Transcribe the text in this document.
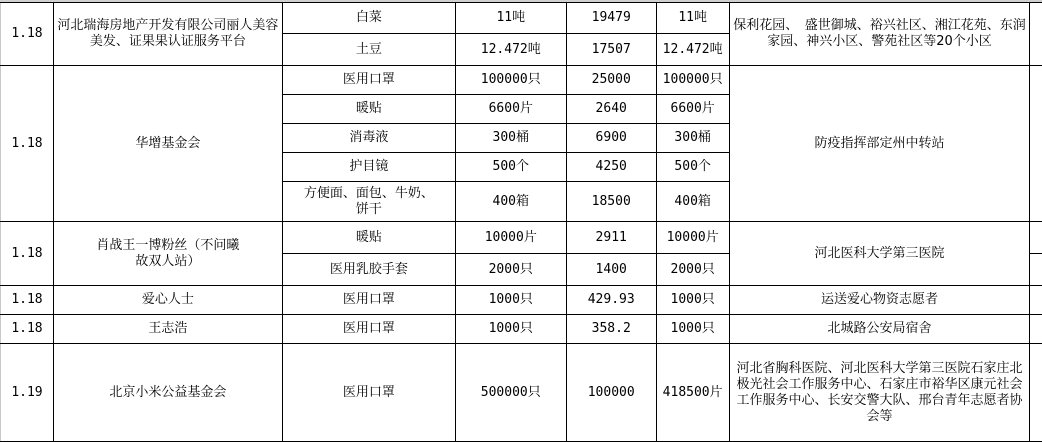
1.18	河北瑞海房地产开发有限公司丽人美容美发、证果果认证服务平台	白菜	11吨	19479	11吨	保利花园、　盛世御城、裕兴社区、湘江花苑、东润家园、神兴小区、警苑社区等20个小区	
		土豆	12.472吨	17507	12.472吨		
1.18	华增基金会	医用口罩	100000只	25000	100000只	防疫指挥部定州中转站	
		暖贴	6600片	2640	6600片		
		消毒液	300桶	6900	300桶		
		护目镜	500个	4250	500个		
		方便面、面包、牛奶、饼干	400箱	18500	400箱		
1.18	肖战王一博粉丝（不问曦故双人站）	暖贴	10000片	2911	10000片	河北医科大学第三医院	
		医用乳胶手套	2000只	1400	2000只		
1.18	爱心人士	医用口罩	1000只	429.93	1000只	运送爱心物资志愿者	
1.18	王志浩	医用口罩	1000只	358.2	1000只	北城路公安局宿舍	
1.19	北京小米公益基金会	医用口罩	500000只	100000	418500片	河北省胸科医院、河北医科大学第三医院石家庄北极光社会工作服务中心、石家庄市裕华区康元社会工作服务中心、长安交警大队、邢台青年志愿者协会等	
